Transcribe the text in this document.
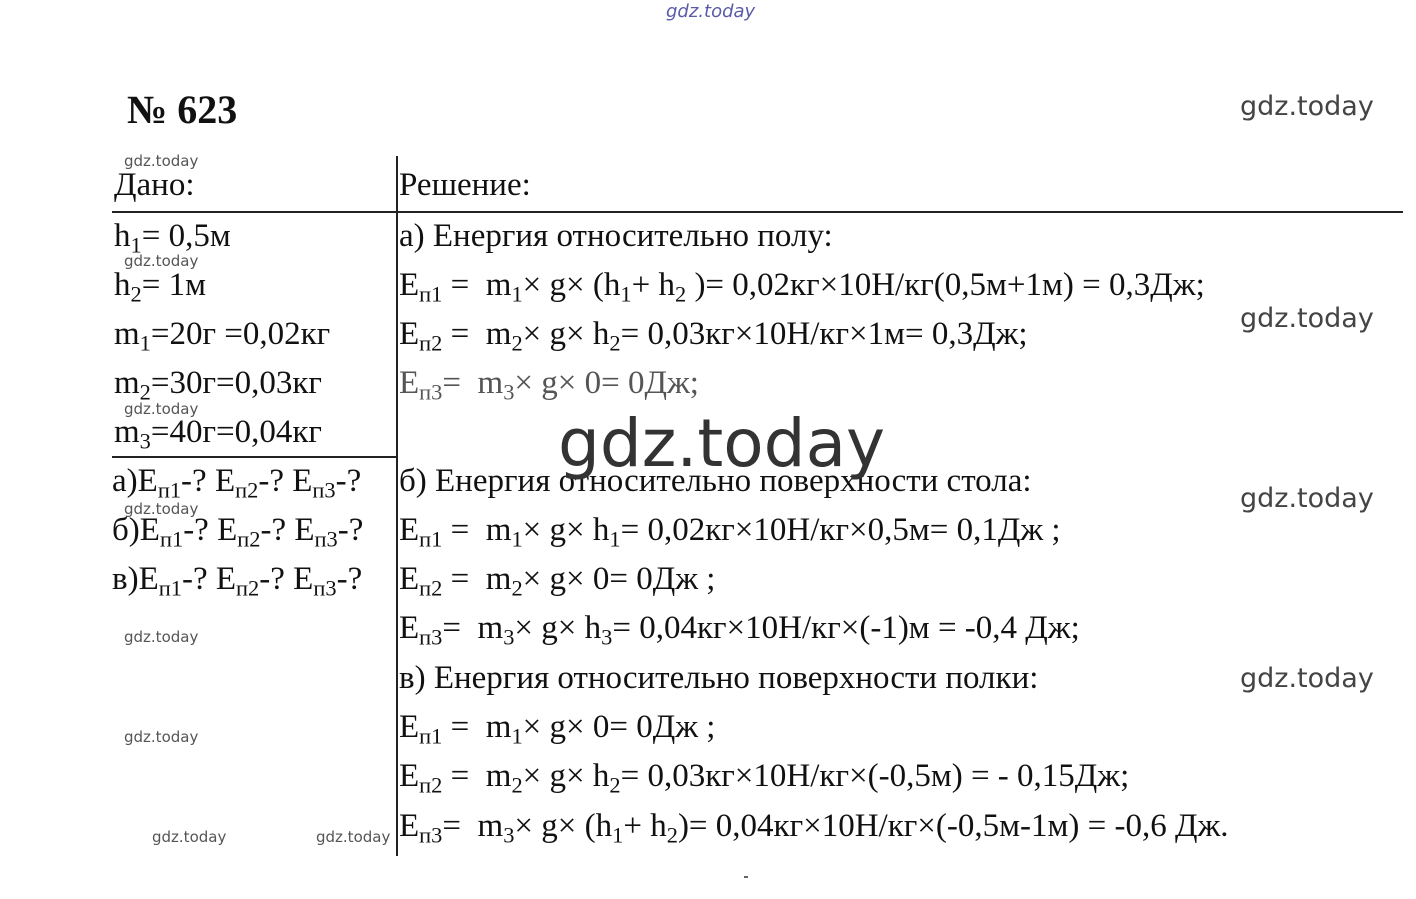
gdz.today
gdz.today
gdz.today
gdz.today
gdz.today
gdz.today
gdz.today
gdz.today
gdz.today
gdz.today
gdz.today
gdz.today	gdz.today
№ 623
Дано:
$h_1= 0,5м$
$h_2= 1м$
$m_1=20г =0,02кг$
$m_2=30г=0,03кг$
$m_3=40г=0,04кг$
$а)Е_{п1}-$? $Е_{п2}-$? $Е_{п3}-$?
$б)Е_{п1}-$? $Е_{п2}-$? $Е_{п3}-$?
$в)Е_{п1}-$? $Е_{п2}-$? $Е_{п3}-$?
Решение:
а) Енергия относительно полу:
$Е_{п1} = m_1\times g\times (h_1+ h_2$ )= 0,02кг×10Н/кг(0,5м+1м) = 0,3Дж;
$Е_{п2} = m_2\times g\times h_2= 0,03кг\times 10Н/кг\times 1м= 0,3Дж$;
$Е_{п3}= m_3\times g\times 0= 0Дж$;
б) Енергия относительно поверхности стола:
$Е_{п1} = m_1\times g\times h_1= 0,02кг\times 10Н/кг\times 0,5м= 0,1Дж$ ;
$Е_{п2} = m_2\times g\times 0= 0Дж$ ;
$Е_{п3}= m_3\times g\times h_3= 0,04кг\times 10Н/кг\times(-1)м = -0,4$ Дж;
в) Енергия относительно поверхности полки:
$Е_{п1} = m_1\times g\times 0= 0Дж$ ;
$Е_{п2} = m_2\times g\times h_2= 0,03кг\times 10Н/кг\times(-0,5м)$ = - 0,15Дж;
$Е_{п3}= m_3\times g\times (h_1+ h_2)= 0,04кг\times 10Н/кг\times(-0,5м-1м) = -0,6$ Дж.
gdz.today
